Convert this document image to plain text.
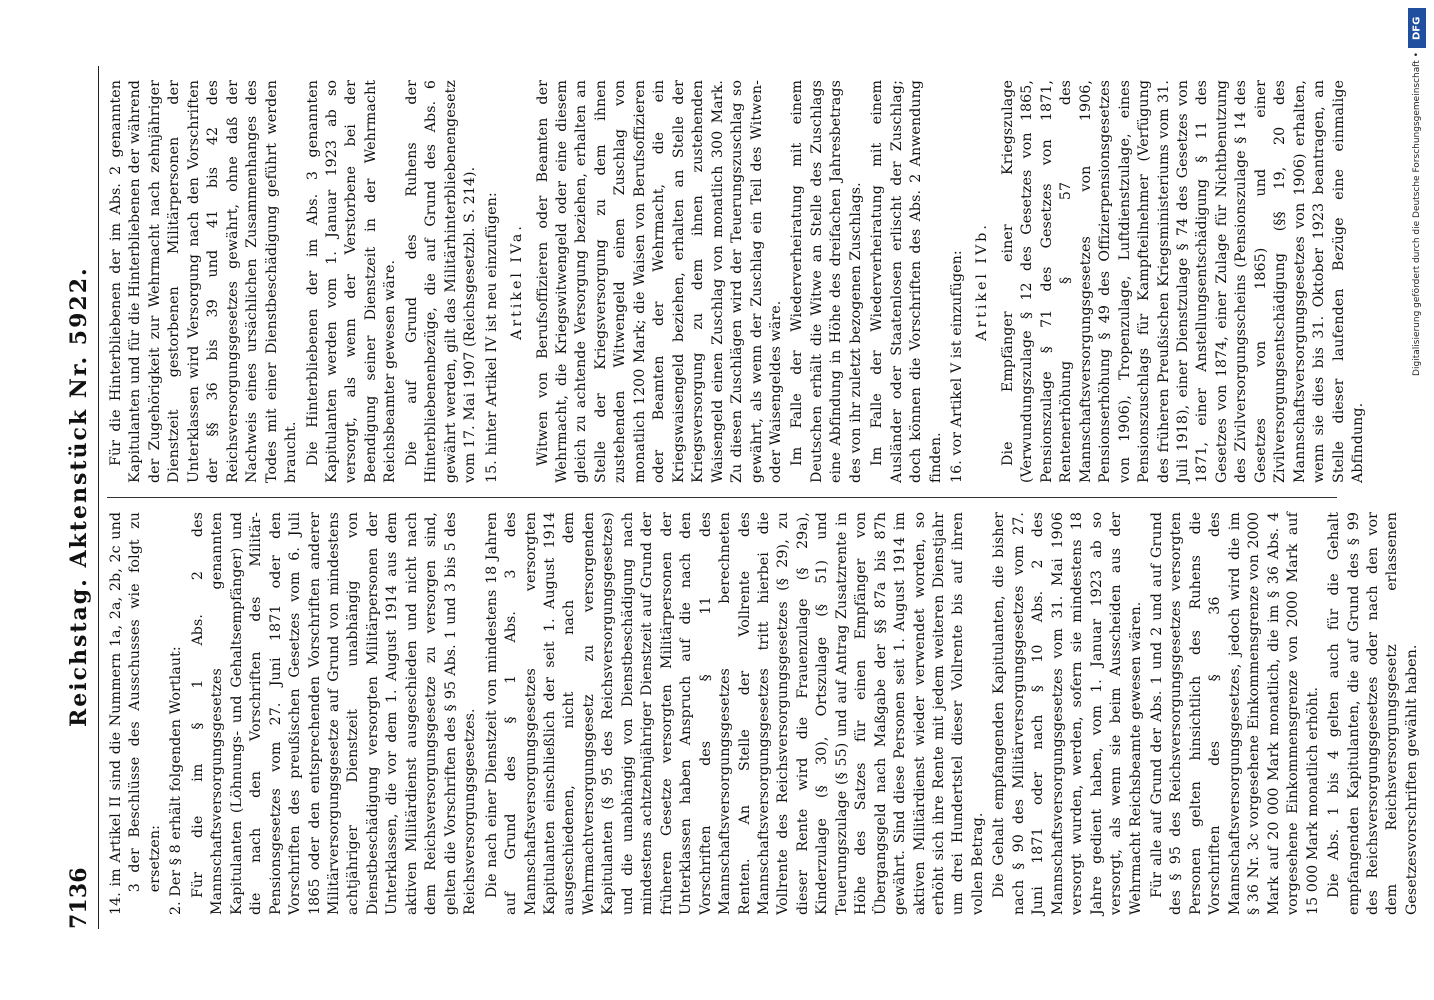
7136
Reichstag. Aktenstück Nr. 5922. 14. im Artikel II sind die Nummern 1a, 2a, 2b, 2c und 3 der Beschlüsse des Ausschusses wie folgt zu ersetzen: 2. Der § 8 erhält folgenden Wortlaut: Für die im § 1 Abs. 2 des Mannschaftsversorgungsgesetzes genannten Kapitulanten (Löhnungs- und Gehaltsempfänger) und die nach den Vorschriften des Militär-Pensionsgesetzes vom 27. Juni 1871 oder den Vorschriften des preußischen Gesetzes vom 6. Juli 1865 oder den entsprechenden Vorschriften anderer Militärversorgungsgesetze auf Grund von mindestens achtjähriger Dienstzeit unabhängig von Dienstbeschädigung versorgten Militärpersonen der Unterklassen, die vor dem 1. August 1914 aus dem aktiven Militärdienst ausgeschieden und nicht nach dem Reichsversorgungsgesetze zu versorgen sind, gelten die Vorschriften des § 95 Abs. 1 und 3 bis 5 des Reichsversorgungsgesetzes. Die nach einer Dienstzeit von mindestens 18 Jahren auf Grund des § 1 Abs. 3 des Mannschaftsversorgungsgesetzes versorgten Kapitulanten einschließlich der seit 1. August 1914 ausgeschiedenen, nicht nach dem Wehrmachtversorgungsgesetz zu versorgenden Kapitulanten (§ 95 des Reichsversorgungsgesetzes) und die unabhängig von Dienstbeschädigung nach mindestens achtzehnjähriger Dienstzeit auf Grund der früheren Gesetze versorgten Militärpersonen der Unterklassen haben Anspruch auf die nach den Vorschriften des § 11 des Mannschaftsversorgungsgesetzes berechneten Renten. An Stelle der Vollrente des Mannschaftsversorgungsgesetzes tritt hierbei die Vollrente des Reichsversorgungsgesetzes (§ 29), zu dieser Rente wird die Frauenzulage (§ 29a), Kinderzulage (§ 30), Ortszulage (§ 51) und Teuerungszulage (§ 55) und auf Antrag Zusatzrente in Höhe des Satzes für einen Empfänger von Übergangsgeld nach Maßgabe der §§ 87a bis 87h gewährt. Sind diese Personen seit 1. August 1914 im aktiven Militärdienst wieder verwendet worden, so erhöht sich ihre Rente mit jedem weiteren Dienstjahr um drei Hundertstel dieser Vollrente bis auf ihren vollen Betrag. Die Gehalt empfangenden Kapitulanten, die bisher nach § 90 des Militärversorgungsgesetzes vom 27. Juni 1871 oder nach § 10 Abs. 2 des Mannschaftsversorgungsgesetzes vom 31. Mai 1906 versorgt wurden, werden, sofern sie mindestens 18 Jahre gedient haben, vom 1. Januar 1923 ab so versorgt, als wenn sie beim Ausscheiden aus der Wehrmacht Reichsbeamte gewesen wären. Für alle auf Grund der Abs. 1 und 2 und auf Grund des § 95 des Reichsversorgungsgesetzes versorgten Personen gelten hinsichtlich des Ruhens die Vorschriften des § 36 des Mannschaftsversorgungsgesetzes, jedoch wird die im § 36 Nr. 3c vorgesehene Einkommensgrenze von 2000 Mark auf 20 000 Mark monatlich, die im § 36 Abs. 4 vorgesehene Einkommensgrenze von 2000 Mark auf 15 000 Mark monatlich erhöht. Die Abs. 1 bis 4 gelten auch für die Gehalt empfangenden Kapitulanten, die auf Grund des § 99 des Reichsversorgungsgesetzes oder nach den vor dem Reichsversorgungsgesetz erlassenen Gesetzesvorschriften gewählt haben.

Für die Hinterbliebenen der im Abs. 2 genannten Kapitulanten und für die Hinterbliebenen der während der Zugehörigkeit zur Wehrmacht nach zehnjähriger Dienstzeit gestorbenen Militärpersonen der Unterklassen wird Versorgung nach den Vorschriften der §§ 36 bis 39 und 41 bis 42 des Reichsversorgungsgesetzes gewährt, ohne daß der Nachweis eines ursächlichen Zusammenhanges des Todes mit einer Dienstbeschädigung geführt werden braucht. Die Hinterbliebenen der im Abs. 3 genannten Kapitulanten werden vom 1. Januar 1923 ab so versorgt, als wenn der Verstorbene bei der Beendigung seiner Dienstzeit in der Wehrmacht Reichsbeamter gewesen wäre. Die auf Grund des Ruhens der Hinterbliebenenbezüge, die auf Grund des Abs. 6 gewährt werden, gilt das Militärhinterbliebenengesetz vom 17. Mai 1907 (Reichsgesetzbl. S. 214). 15. hinter Artikel IV ist neu einzufügen: Artikel IVa. Witwen von Berufsoffizieren oder Beamten der Wehrmacht, die Kriegswitwengeld oder eine diesem gleich zu achtende Versorgung beziehen, erhalten an Stelle der Kriegsversorgung zu dem ihnen zustehenden Witwengeld einen Zuschlag von monatlich 1200 Mark; die Waisen von Berufsoffizieren oder Beamten der Wehrmacht, die ein Kriegswaisengeld beziehen, erhalten an Stelle der Kriegsversorgung zu dem ihnen zustehenden Waisengeld einen Zuschlag von monatlich 300 Mark. Zu diesen Zuschlägen wird der Teuerungszuschlag so gewährt, als wenn der Zuschlag ein Teil des Witwen- oder Waisengeldes wäre. Im Falle der Wiederverheiratung mit einem Deutschen erhält die Witwe an Stelle des Zuschlags eine Abfindung in Höhe des dreifachen Jahresbetrags des von ihr zuletzt bezogenen Zuschlags. Im Falle der Wiederverheiratung mit einem Ausländer oder Staatenlosen erlischt der Zuschlag; doch können die Vorschriften des Abs. 2 Anwendung finden. 16. vor Artikel V ist einzufügen: Artikel IVb. Die Empfänger einer Kriegszulage (Verwundungszulage § 12 des Gesetzes von 1865, Pensionszulage § 71 des Gesetzes von 1871, Rentenerhöhung § 57 des Mannschaftsversorgungsgesetzes von 1906, Pensionserhöhung § 49 des Offizierpensionsgesetzes von 1906), Tropenzulage, Luftdienstzulage, eines Pensionszuschlags für Kampfteilnehmer (Verfügung des früheren Preußischen Kriegsministeriums vom 31. Juli 1918), einer Dienstzulage § 74 des Gesetzes von 1871, einer Anstellungsentschädigung § 11 des Gesetzes von 1874, einer Zulage für Nichtbenutzung des Zivilversorgungsscheins (Pensionszulage § 14 des Gesetzes von 1865) und einer Zivilversorgungsentschädigung (§§ 19, 20 des Mannschaftsversorgungsgesetzes von 1906) erhalten, wenn sie dies bis 31. Oktober 1923 beantragen, an Stelle dieser laufenden Bezüge eine einmalige Abfindung.

DFG
Digitalisierung gefördert durch die Deutsche Forschungsgemeinschaft •
